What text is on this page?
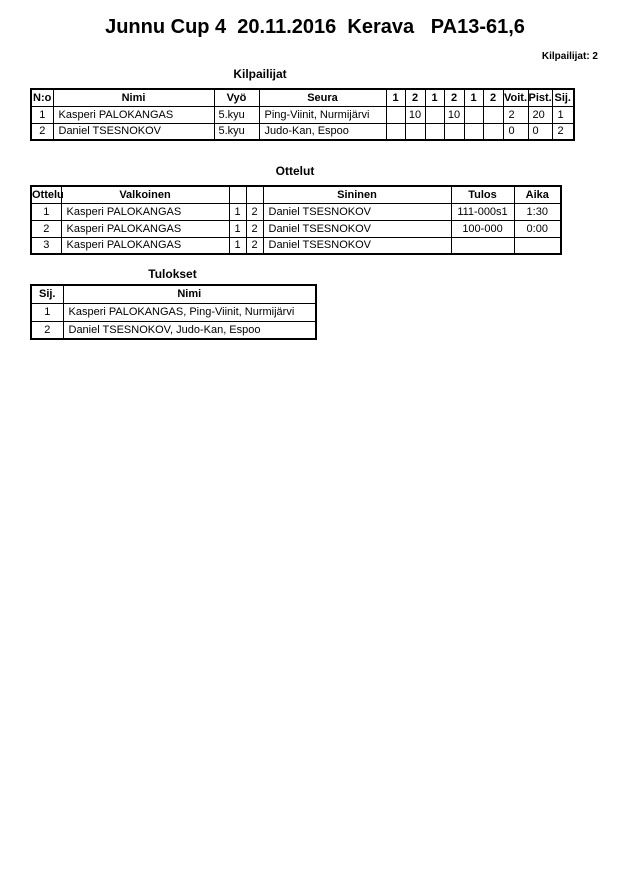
Junnu Cup 4  20.11.2016  Kerava   PA13-61,6
Kilpailijat: 2
Kilpailijat
N:o	Nimi	Vyö	Seura	1	2	1	2	1	2	Voit.	Pist.	Sij.
1	Kasperi PALOKANGAS	5.kyu	Ping-Viinit, Nurmijärvi		10		10			2	20	1
2	Daniel TSESNOKOV	5.kyu	Judo-Kan, Espoo							0	0	2
Ottelut
Ottelu	Valkoinen			Sininen	Tulos	Aika
1	Kasperi PALOKANGAS	1	2	Daniel TSESNOKOV	111-000s1	1:30
2	Kasperi PALOKANGAS	1	2	Daniel TSESNOKOV	100-000	0:00
3	Kasperi PALOKANGAS	1	2	Daniel TSESNOKOV		
Tulokset
Sij.	Nimi
1	Kasperi PALOKANGAS, Ping-Viinit, Nurmijärvi
2	Daniel TSESNOKOV, Judo-Kan, Espoo
